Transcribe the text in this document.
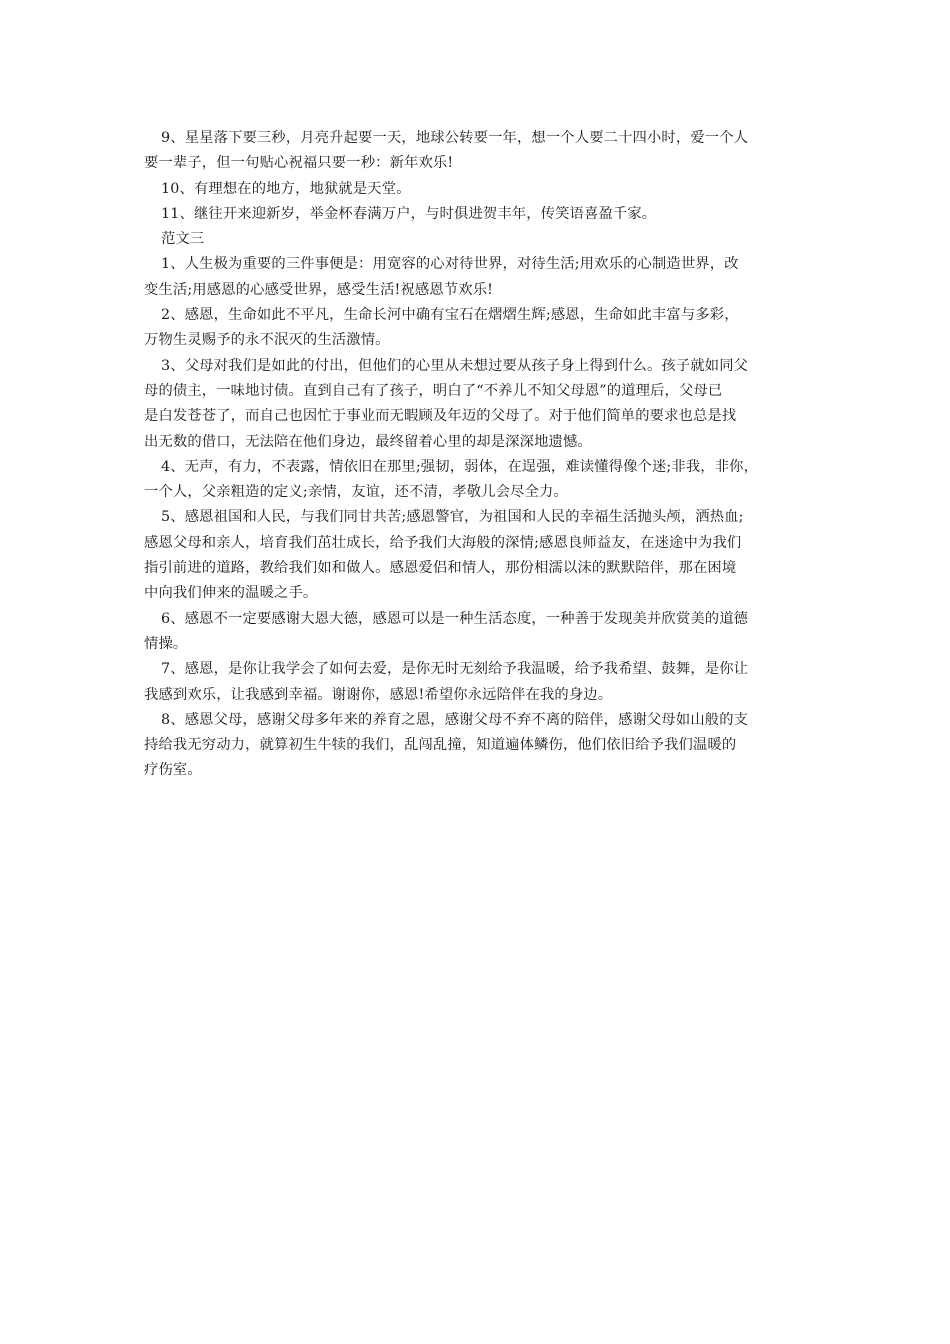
9、星星落下要三秒，月亮升起要一天，地球公转要一年，想一个人要二十四小时，爱一个人
要一辈子，但一句贴心祝福只要一秒：新年欢乐!
10、有理想在的地方，地狱就是天堂。
11、继往开来迎新岁，举金杯春满万户，与时俱进贺丰年，传笑语喜盈千家。
范文三
1、人生极为重要的三件事便是：用宽容的心对待世界，对待生活;用欢乐的心制造世界，改
变生活;用感恩的心感受世界，感受生活!祝感恩节欢乐!
2、感恩，生命如此不平凡，生命长河中确有宝石在熠熠生辉;感恩，生命如此丰富与多彩，
万物生灵赐予的永不泯灭的生活激情。
3、父母对我们是如此的付出，但他们的心里从未想过要从孩子身上得到什么。孩子就如同父
母的债主，一味地讨债。直到自己有了孩子，明白了“不养儿不知父母恩”的道理后，父母已
是白发苍苍了，而自己也因忙于事业而无暇顾及年迈的父母了。对于他们简单的要求也总是找
出无数的借口，无法陪在他们身边，最终留着心里的却是深深地遗憾。
4、无声，有力，不表露，情依旧在那里;强韧，弱体，在逞强，难读懂得像个迷;非我，非你，
一个人，父亲粗造的定义;亲情，友谊，还不清，孝敬儿会尽全力。
5、感恩祖国和人民，与我们同甘共苦;感恩警官，为祖国和人民的幸福生活抛头颅，洒热血;
感恩父母和亲人，培育我们茁壮成长，给予我们大海般的深情;感恩良师益友，在迷途中为我们
指引前进的道路，教给我们如和做人。感恩爱侣和情人，那份相濡以沫的默默陪伴，那在困境
中向我们伸来的温暖之手。
6、感恩不一定要感谢大恩大德，感恩可以是一种生活态度，一种善于发现美并欣赏美的道德
情操。
7、感恩，是你让我学会了如何去爱，是你无时无刻给予我温暖，给予我希望、鼓舞，是你让
我感到欢乐，让我感到幸福。谢谢你，感恩!希望你永远陪伴在我的身边。
8、感恩父母，感谢父母多年来的养育之恩，感谢父母不弃不离的陪伴，感谢父母如山般的支
持给我无穷动力，就算初生牛犊的我们，乱闯乱撞，知道遍体鳞伤，他们依旧给予我们温暖的
疗伤室。
